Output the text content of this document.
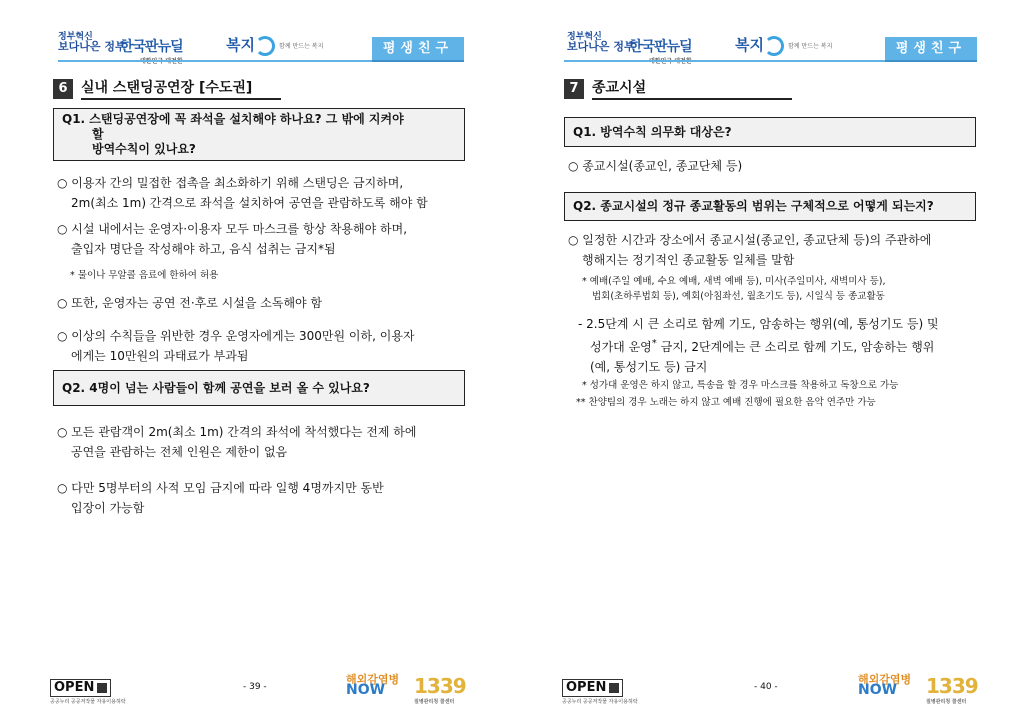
정부혁신
보다나은 정부
한국판뉴딜	복지	함께 만드는 복지	평생친구
6 실내 스탠딩공연장 [수도권]
Q1. 스탠딩공연장에 꼭 좌석을 설치해야 하나요? 그 밖에 지켜야
할
방역수칙이 있나요?
○ 이용자 간의 밀접한 접촉을 최소화하기 위해 스탠딩은 금지하며,
2m(최소 1m) 간격으로 좌석을 설치하여 공연을 관람하도록 해야 함
○ 시설 내에서는 운영자·이용자 모두 마스크를 항상 착용해야 하며,
출입자 명단을 작성해야 하고, 음식 섭취는 금지*됨
* 물이나 무알콜 음료에 한하여 허용
○ 또한, 운영자는 공연 전·후로 시설을 소독해야 함
○ 이상의 수칙들을 위반한 경우 운영자에게는 300만원 이하, 이용자
에게는 10만원의 과태료가 부과됨
Q2. 4명이 넘는 사람들이 함께 공연을 보러 올 수 있나요?
○ 모든 관람객이 2m(최소 1m) 간격의 좌석에 착석했다는 전제 하에
공연을 관람하는 전체 인원은 제한이 없음
○ 다만 5명부터의 사적 모임 금지에 따라 일행 4명까지만 동반
입장이 가능함
OPEN
공공누리 공공저작물 자유이용허락
- 39 -
해외감염병
NOW	1339
질병관리청 콜센터
정부혁신
보다나은 정부
한국판뉴딜	복지	함께 만드는 복지	평생친구
7 종교시설
Q1. 방역수칙 의무화 대상은?
○ 종교시설(종교인, 종교단체 등)
Q2. 종교시설의 정규 종교활동의 범위는 구체적으로 어떻게 되는지?
○ 일정한 시간과 장소에서 종교시설(종교인, 종교단체 등)의 주관하에
행해지는 정기적인 종교활동 일체를 말함
* 예배(주일 예배, 수요 예배, 새벽 예배 등), 미사(주일미사, 새벽미사 등),
법회(초하루법회 등), 예회(아침좌선, 월초기도 등), 시일식 등 종교활동
- 2.5단계 시 큰 소리로 함께 기도, 암송하는 행위(예, 통성기도 등) 및
성가대 운영* 금지, 2단계에는 큰 소리로 함께 기도, 암송하는 행위
(예, 통성기도 등) 금지
* 성가대 운영은 하지 않고, 특송을 할 경우 마스크를 착용하고 독창으로 가능
** 찬양팀의 경우 노래는 하지 않고 예배 진행에 필요한 음악 연주만 가능
OPEN
공공누리 공공저작물 자유이용허락
- 40 -
해외감염병
NOW	1339
질병관리청 콜센터
